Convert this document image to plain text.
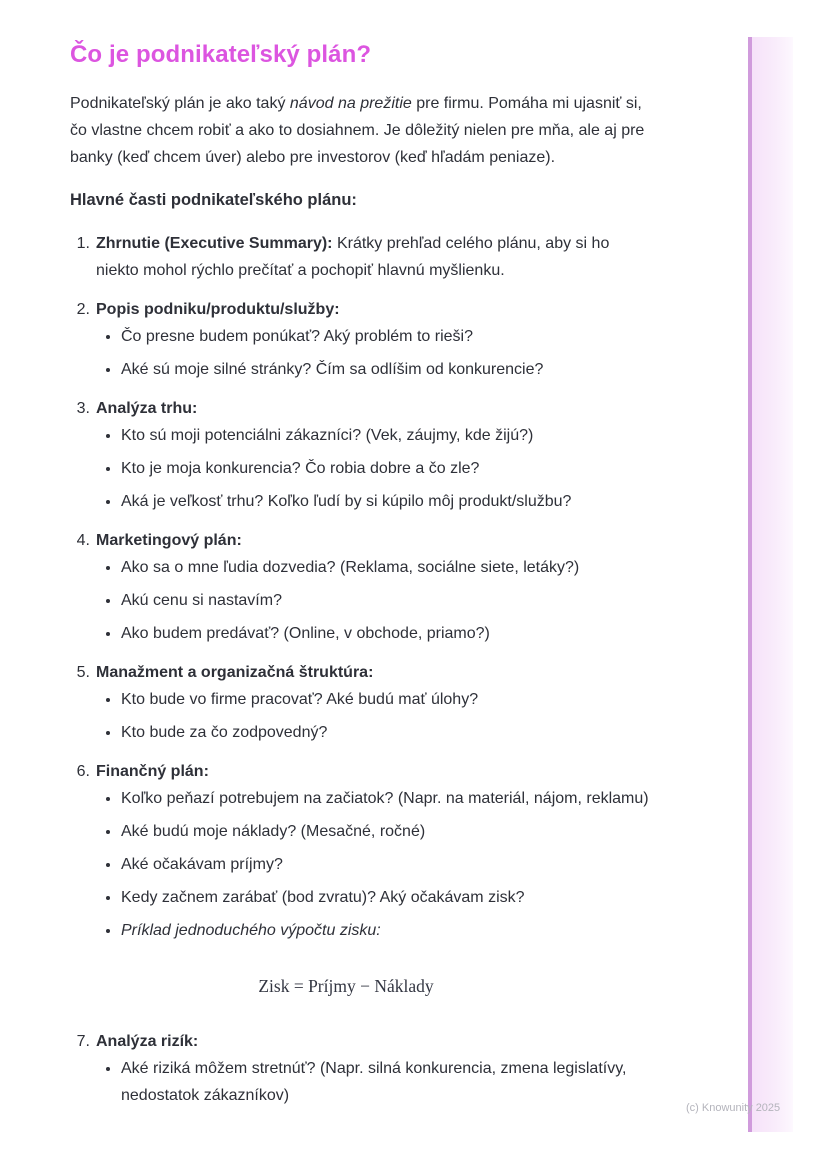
Čo je podnikateľský plán?

Podnikateľský plán je ako taký návod na prežitie pre firmu. Pomáha mi ujasniť si, čo vlastne chcem robiť a ako to dosiahnem. Je dôležitý nielen pre mňa, ale aj pre banky (keď chcem úver) alebo pre investorov (keď hľadám peniaze).

Hlavné časti podnikateľského plánu:

1. Zhrnutie (Executive Summary): Krátky prehľad celého plánu, aby si ho niekto mohol rýchlo prečítať a pochopiť hlavnú myšlienku.

2. Popis podniku/produktu/služby:

• Čo presne budem ponúkať? Aký problém to rieši?
• Aké sú moje silné stránky? Čím sa odlíšim od konkurencie?
3. Analýza trhu:

• Kto sú moji potenciálni zákazníci? (Vek, záujmy, kde žijú?)
• Kto je moja konkurencia? Čo robia dobre a čo zle?
• Aká je veľkosť trhu? Koľko ľudí by si kúpilo môj produkt/službu?
4. Marketingový plán:

• Ako sa o mne ľudia dozvedia? (Reklama, sociálne siete, letáky?)
• Akú cenu si nastavím?
• Ako budem predávať? (Online, v obchode, priamo?)
5. Manažment a organizačná štruktúra:

• Kto bude vo firme pracovať? Aké budú mať úlohy?
• Kto bude za čo zodpovedný?
6. Finančný plán:

• Koľko peňazí potrebujem na začiatok? (Napr. na materiál, nájom, reklamu)
• Aké budú moje náklady? (Mesačné, ročné)
• Aké očakávam príjmy?
• Kedy začnem zarábať (bod zvratu)? Aký očakávam zisk?
• Príklad jednoduchého výpočtu zisku:
Zisk = Príjmy − Náklady
7. Analýza rizík:

• Aké riziká môžem stretnúť? (Napr. silná konkurencia, zmena legislatívy, nedostatok zákazníkov)
(c) Knowunity 2025
